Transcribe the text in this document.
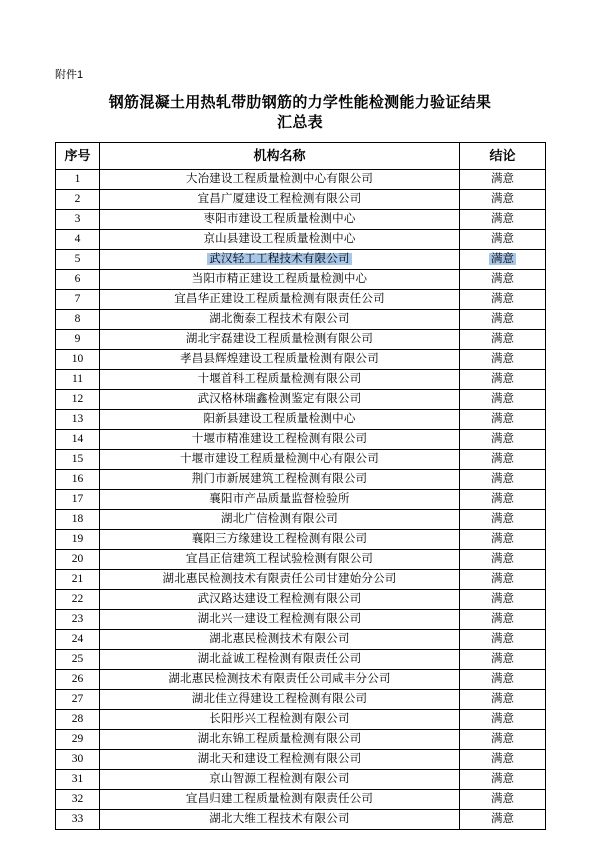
附件1
钢筋混凝土用热轧带肋钢筋的力学性能检测能力验证结果
汇总表
序号	机构名称	结论
1	大冶建设工程质量检测中心有限公司	满意
2	宜昌广厦建设工程检测有限公司	满意
3	枣阳市建设工程质量检测中心	满意
4	京山县建设工程质量检测中心	满意
5	武汉轻工工程技术有限公司	满意
6	当阳市精正建设工程质量检测中心	满意
7	宜昌华正建设工程质量检测有限责任公司	满意
8	湖北衡泰工程技术有限公司	满意
9	湖北宇磊建设工程质量检测有限公司	满意
10	孝昌县辉煌建设工程质量检测有限公司	满意
11	十堰首科工程质量检测有限公司	满意
12	武汉格林瑞鑫检测鉴定有限公司	满意
13	阳新县建设工程质量检测中心	满意
14	十堰市精准建设工程检测有限公司	满意
15	十堰市建设工程质量检测中心有限公司	满意
16	荆门市新展建筑工程检测有限公司	满意
17	襄阳市产品质量监督检验所	满意
18	湖北广信检测有限公司	满意
19	襄阳三方缘建设工程检测有限公司	满意
20	宜昌正信建筑工程试验检测有限公司	满意
21	湖北惠民检测技术有限责任公司甘建始分公司	满意
22	武汉路达建设工程检测有限公司	满意
23	湖北兴一建设工程检测有限公司	满意
24	湖北惠民检测技术有限公司	满意
25	湖北益诚工程检测有限责任公司	满意
26	湖北惠民检测技术有限责任公司咸丰分公司	满意
27	湖北佳立得建设工程检测有限公司	满意
28	长阳彤兴工程检测有限公司	满意
29	湖北东锦工程质量检测有限公司	满意
30	湖北天和建设工程检测有限公司	满意
31	京山智源工程检测有限公司	满意
32	宜昌归建工程质量检测有限责任公司	满意
33	湖北大维工程技术有限公司	满意
